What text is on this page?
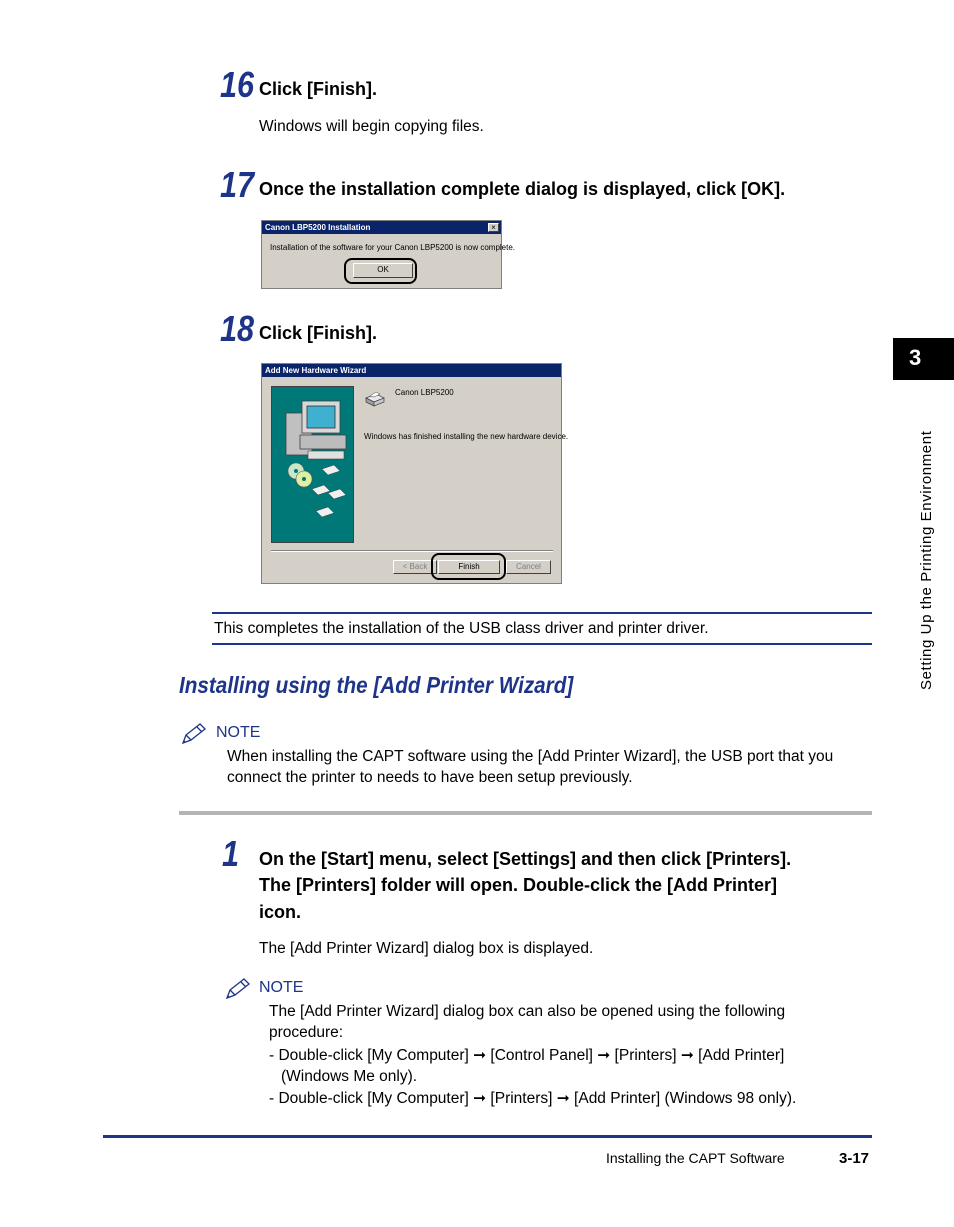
3
Setting Up the Printing Environment
16 Click [Finish].
Windows will begin copying files.
17 Once the installation complete dialog is displayed, click [OK].
Canon LBP5200 Installation	×
Installation of the software for your Canon LBP5200 is now complete.
OK
18 Click [Finish].
Add New Hardware Wizard
Canon LBP5200
Windows has finished installing the new hardware device.
< Back	Finish	Cancel
This completes the installation of the USB class driver and printer driver.
Installing using the [Add Printer Wizard]
NOTE
When installing the CAPT software using the [Add Printer Wizard], the USB port that you
connect the printer to needs to have been setup previously.
1 On the [Start] menu, select [Settings] and then click [Printers].
The [Printers] folder will open. Double-click the [Add Printer]
icon.
The [Add Printer Wizard] dialog box is displayed.
NOTE
The [Add Printer Wizard] dialog box can also be opened using the following
procedure:
- Double-click [My Computer] ➞ [Control Panel] ➞ [Printers] ➞ [Add Printer]
(Windows Me only).
- Double-click [My Computer] ➞ [Printers] ➞ [Add Printer] (Windows 98 only).
Installing the CAPT Software	3-17
